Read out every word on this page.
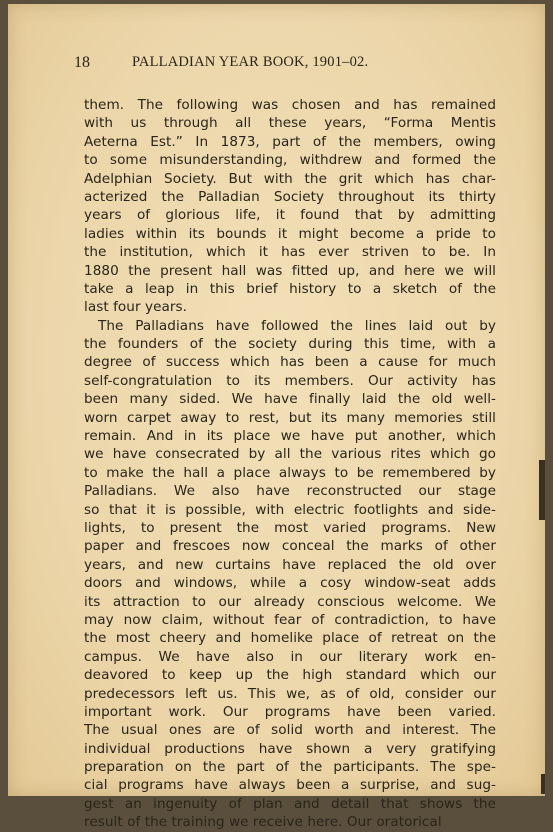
18	PALLADIAN YEAR BOOK, 1901–02.
them. The following was chosen and has remained
with us through all these years, “Forma Mentis
Aeterna Est.” In 1873, part of the members, owing
to some misunderstanding, withdrew and formed the
Adelphian Society. But with the grit which has char-
acterized the Palladian Society throughout its thirty
years of glorious life, it found that by admitting
ladies within its bounds it might become a pride to
the institution, which it has ever striven to be. In
1880 the present hall was fitted up, and here we will
take a leap in this brief history to a sketch of the
last four years.
The Palladians have followed the lines laid out by
the founders of the society during this time, with a
degree of success which has been a cause for much
self-congratulation to its members. Our activity has
been many sided. We have finally laid the old well-
worn carpet away to rest, but its many memories still
remain. And in its place we have put another, which
we have consecrated by all the various rites which go
to make the hall a place always to be remembered by
Palladians. We also have reconstructed our stage
so that it is possible, with electric footlights and side-
lights, to present the most varied programs. New
paper and frescoes now conceal the marks of other
years, and new curtains have replaced the old over
doors and windows, while a cosy window-seat adds
its attraction to our already conscious welcome. We
may now claim, without fear of contradiction, to have
the most cheery and homelike place of retreat on the
campus. We have also in our literary work en-
deavored to keep up the high standard which our
predecessors left us. This we, as of old, consider our
important work. Our programs have been varied.
The usual ones are of solid worth and interest. The
individual productions have shown a very gratifying
preparation on the part of the participants. The spe-
cial programs have always been a surprise, and sug-
gest an ingenuity of plan and detail that shows the
result of the training we receive here. Our oratorical
